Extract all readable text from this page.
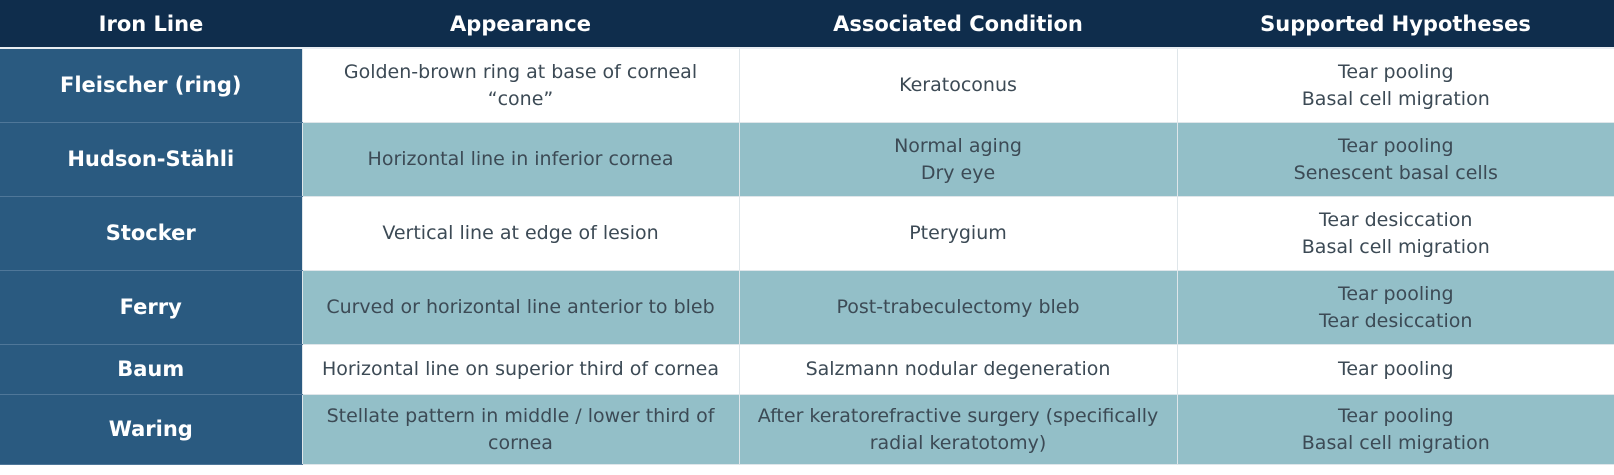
Iron Line	Appearance	Associated Condition	Supported Hypotheses
Fleischer (ring)	Golden-brown ring at base of corneal “cone”	Keratoconus	Tear pooling
Basal cell migration

Hudson-Stähli	Horizontal line in inferior cornea	Normal aging
Dry eye	Tear pooling
Senescent basal cells

Stocker	Vertical line at edge of lesion	Pterygium	Tear desiccation
Basal cell migration

Ferry	Curved or horizontal line anterior to bleb	Post-trabeculectomy bleb	Tear pooling
Tear desiccation

Baum	Horizontal line on superior third of cornea	Salzmann nodular degeneration	Tear pooling

Waring	Stellate pattern in middle / lower third of cornea	After keratorefractive surgery (specifically radial keratotomy)	Tear pooling
Basal cell migration
